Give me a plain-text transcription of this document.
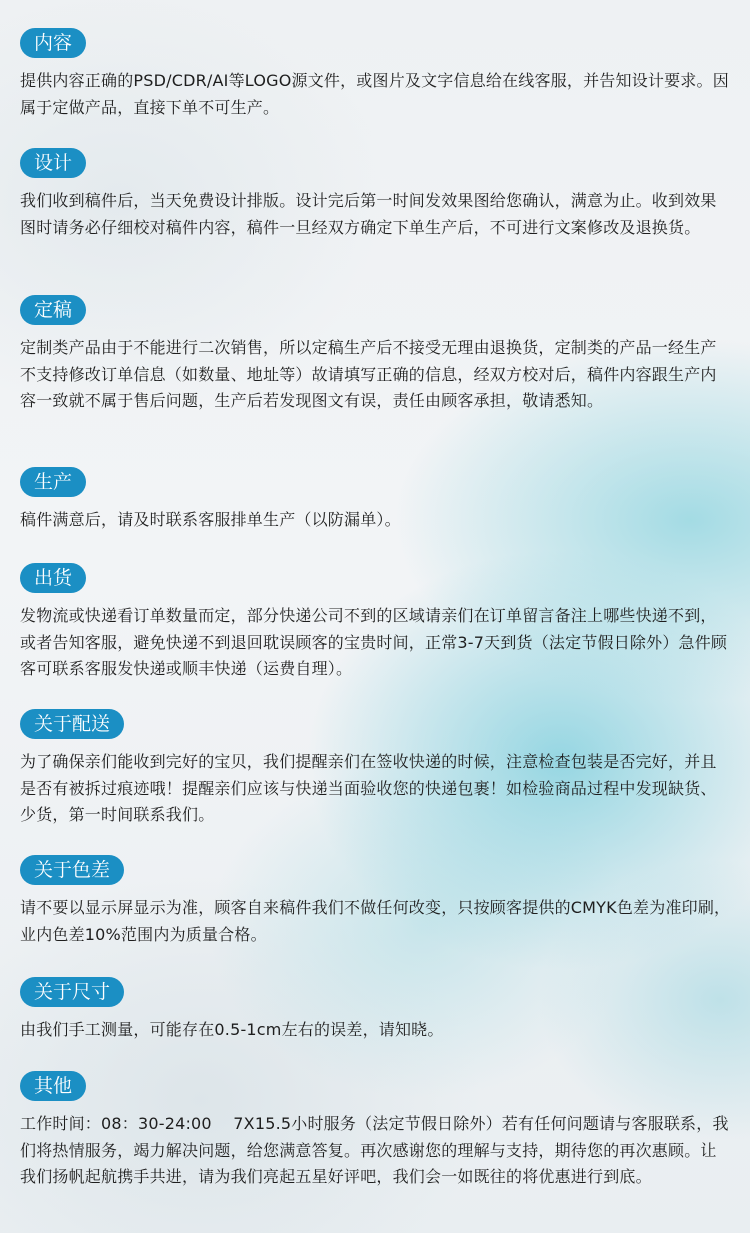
内容

提供内容正确的PSD/CDR/AI等LOGO源文件，或图片及文字信息给在线客服，并告知设计要求。因属于定做产品，直接下单不可生产。

设计

我们收到稿件后，当天免费设计排版。设计完后第一时间发效果图给您确认，满意为止。收到效果图时请务必仔细校对稿件内容，稿件一旦经双方确定下单生产后，不可进行文案修改及退换货。

定稿

定制类产品由于不能进行二次销售，所以定稿生产后不接受无理由退换货，定制类的产品一经生产不支持修改订单信息（如数量、地址等）故请填写正确的信息，经双方校对后，稿件内容跟生产内容一致就不属于售后问题，生产后若发现图文有误，责任由顾客承担，敬请悉知。

生产

稿件满意后，请及时联系客服排单生产（以防漏单）。

出货

发物流或快递看订单数量而定，部分快递公司不到的区域请亲们在订单留言备注上哪些快递不到，或者告知客服，避免快递不到退回耽误顾客的宝贵时间，正常3-7天到货（法定节假日除外）急件顾客可联系客服发快递或顺丰快递（运费自理）。

关于配送

为了确保亲们能收到完好的宝贝，我们提醒亲们在签收快递的时候，注意检查包装是否完好，并且是否有被拆过痕迹哦！提醒亲们应该与快递当面验收您的快递包裹！如检验商品过程中发现缺货、少货，第一时间联系我们。

关于色差

请不要以显示屏显示为准，顾客自来稿件我们不做任何改变，只按顾客提供的CMYK色差为准印刷，业内色差10%范围内为质量合格。

关于尺寸

由我们手工测量，可能存在0.5-1cm左右的误差，请知晓。

其他

工作时间：08：30-24:00　 7X15.5小时服务（法定节假日除外）若有任何问题请与客服联系，我们将热情服务，竭力解决问题，给您满意答复。再次感谢您的理解与支持，期待您的再次惠顾。让我们扬帆起航携手共进，请为我们亮起五星好评吧，我们会一如既往的将优惠进行到底。
